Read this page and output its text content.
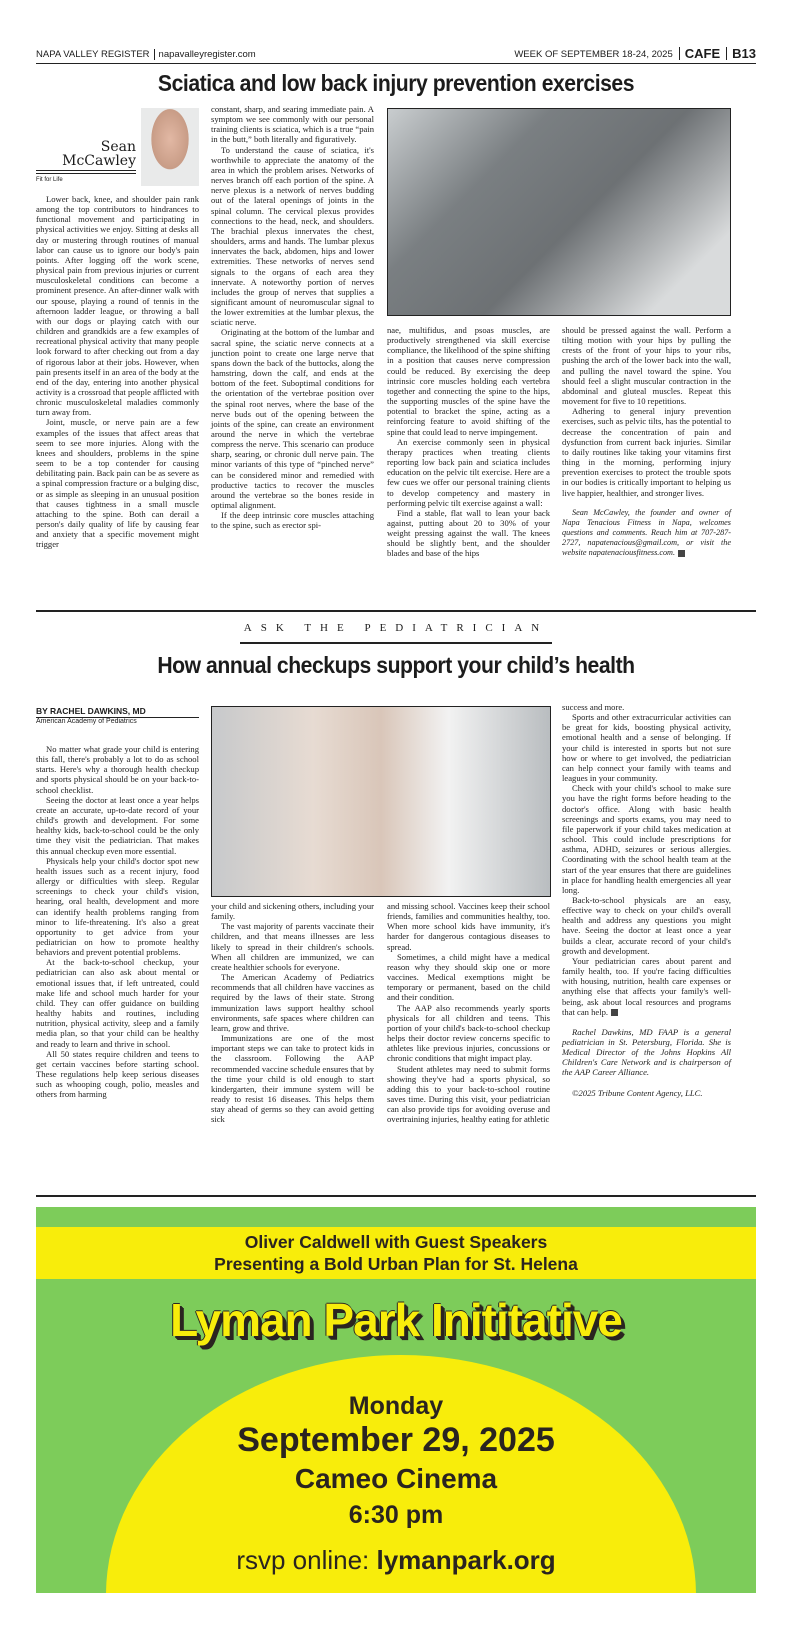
NAPA VALLEY REGISTER napavalleyregister.com	WEEK OF SEPTEMBER 18-24, 2025 CAFE B13
Sciatica and low back injury prevention exercises
Sean
McCawley
Fit for Life

Lower back, knee, and shoulder pain rank among the top contributors to hindrances to functional movement and participating in physical activities we enjoy. Sitting at desks all day or mustering through routines of manual labor can cause us to ignore our body's pain points. After logging off the work scene, physical pain from previous injuries or current musculoskeletal conditions can become a prominent presence. An after-dinner walk with our spouse, playing a round of tennis in the afternoon ladder league, or throwing a ball with our dogs or playing catch with our children and grandkids are a few examples of recreational physical activity that many people look forward to after checking out from a day of rigorous labor at their jobs. However, when pain presents itself in an area of the body at the end of the day, entering into another physical activity is a crossroad that people afflicted with chronic musculoskeletal maladies commonly turn away from.

Joint, muscle, or nerve pain are a few examples of the issues that affect areas that seem to see more injuries. Along with the knees and shoulders, problems in the spine seem to be a top contender for causing debilitating pain. Back pain can be as severe as a spinal compression fracture or a bulging disc, or as simple as sleeping in an unusual position that causes tightness in a small muscle attaching to the spine. Both can derail a person's daily quality of life by causing fear and anxiety that a specific movement might trigger

constant, sharp, and searing immediate pain. A symptom we see commonly with our personal training clients is sciatica, which is a true “pain in the butt,” both literally and figuratively.

To understand the cause of sciatica, it's worthwhile to appreciate the anatomy of the area in which the problem arises. Networks of nerves branch off each portion of the spine. A nerve plexus is a network of nerves budding out of the lateral openings of joints in the spinal column. The cervical plexus provides connections to the head, neck, and shoulders. The brachial plexus innervates the chest, shoulders, arms and hands. The lumbar plexus innervates the back, abdomen, hips and lower extremities. These networks of nerves send signals to the organs of each area they innervate. A noteworthy portion of nerves includes the group of nerves that supplies a significant amount of neuromuscular signal to the lower extremities at the lumbar plexus, the sciatic nerve.

Originating at the bottom of the lumbar and sacral spine, the sciatic nerve connects at a junction point to create one large nerve that spans down the back of the buttocks, along the hamstring, down the calf, and ends at the bottom of the feet. Suboptimal conditions for the orientation of the vertebrae position over the spinal root nerves, where the base of the nerve buds out of the opening between the joints of the spine, can create an environment around the nerve in which the vertebrae compress the nerve. This scenario can produce sharp, searing, or chronic dull nerve pain. The minor variants of this type of “pinched nerve” can be considered minor and remedied with productive tactics to recover the muscles around the vertebrae so the bones reside in optimal alignment.

If the deep intrinsic core muscles attaching to the spine, such as erector spi-

nae, multifidus, and psoas muscles, are productively strengthened via skill exercise compliance, the likelihood of the spine shifting in a position that causes nerve compression could be reduced. By exercising the deep intrinsic core muscles holding each vertebra together and connecting the spine to the hips, the supporting muscles of the spine have the potential to bracket the spine, acting as a reinforcing feature to avoid shifting of the spine that could lead to nerve impingement.

An exercise commonly seen in physical therapy practices when treating clients reporting low back pain and sciatica includes education on the pelvic tilt exercise. Here are a few cues we offer our personal training clients to develop competency and mastery in performing pelvic tilt exercise against a wall:

Find a stable, flat wall to lean your back against, putting about 20 to 30% of your weight pressing against the wall. The knees should be slightly bent, and the shoulder blades and base of the hips

should be pressed against the wall. Perform a tilting motion with your hips by pulling the crests of the front of your hips to your ribs, pushing the arch of the lower back into the wall, and pulling the navel toward the spine. You should feel a slight muscular contraction in the abdominal and gluteal muscles. Repeat this movement for five to 10 repetitions.

Adhering to general injury prevention exercises, such as pelvic tilts, has the potential to decrease the concentration of pain and dysfunction from current back injuries. Similar to daily routines like taking your vitamins first thing in the morning, performing injury prevention exercises to protect the trouble spots in our bodies is critically important to helping us live happier, healthier, and stronger lives.

Sean McCawley, the founder and owner of Napa Tenacious Fitness in Napa, welcomes questions and comments. Reach him at 707-287-2727, napatenacious@gmail.com, or visit the website napatenaciousfitness.com.

ASK THE PEDIATRICIAN
How annual checkups support your child’s health
BY RACHEL DAWKINS, MD
American Academy of Pediatrics

No matter what grade your child is entering this fall, there's probably a lot to do as school starts. Here's why a thorough health checkup and sports physical should be on your back-to-school checklist.

Seeing the doctor at least once a year helps create an accurate, up-to-date record of your child's growth and development. For some healthy kids, back-to-school could be the only time they visit the pediatrician. That makes this annual checkup even more essential.

Physicals help your child's doctor spot new health issues such as a recent injury, food allergy or difficulties with sleep. Regular screenings to check your child's vision, hearing, oral health, development and more can identify health problems ranging from minor to life-threatening. It's also a great opportunity to get advice from your pediatrician on how to promote healthy behaviors and prevent potential problems.

At the back-to-school checkup, your pediatrician can also ask about mental or emotional issues that, if left untreated, could make life and school much harder for your child. They can offer guidance on building healthy habits and routines, including nutrition, physical activity, sleep and a family media plan, so that your child can be healthy and ready to learn and thrive in school.

All 50 states require children and teens to get certain vaccines before starting school. These regulations help keep serious diseases such as whooping cough, polio, measles and others from harming

your child and sickening others, including your family.

The vast majority of parents vaccinate their children, and that means illnesses are less likely to spread in their children's schools. When all children are immunized, we can create healthier schools for everyone.

The American Academy of Pediatrics recommends that all children have vaccines as required by the laws of their state. Strong immunization laws support healthy school environments, safe spaces where children can learn, grow and thrive.

Immunizations are one of the most important steps we can take to protect kids in the classroom. Following the AAP recommended vaccine schedule ensures that by the time your child is old enough to start kindergarten, their immune system will be ready to resist 16 diseases. This helps them stay ahead of germs so they can avoid getting sick

and missing school. Vaccines keep their school friends, families and communities healthy, too. When more school kids have immunity, it's harder for dangerous contagious diseases to spread.

Sometimes, a child might have a medical reason why they should skip one or more vaccines. Medical exemptions might be temporary or permanent, based on the child and their condition.

The AAP also recommends yearly sports physicals for all children and teens. This portion of your child's back-to-school checkup helps their doctor review concerns specific to athletes like previous injuries, concussions or chronic conditions that might impact play.

Student athletes may need to submit forms showing they've had a sports physical, so adding this to your back-to-school routine saves time. During this visit, your pediatrician can also provide tips for avoiding overuse and overtraining injuries, healthy eating for athletic

success and more.

Sports and other extracurricular activities can be great for kids, boosting physical activity, emotional health and a sense of belonging. If your child is interested in sports but not sure how or where to get involved, the pediatrician can help connect your family with teams and leagues in your community.

Check with your child's school to make sure you have the right forms before heading to the doctor's office. Along with basic health screenings and sports exams, you may need to file paperwork if your child takes medication at school. This could include prescriptions for asthma, ADHD, seizures or serious allergies. Coordinating with the school health team at the start of the year ensures that there are guidelines in place for handling health emergencies all year long.

Back-to-school physicals are an easy, effective way to check on your child's overall health and address any questions you might have. Seeing the doctor at least once a year builds a clear, accurate record of your child's growth and development.

Your pediatrician cares about parent and family health, too. If you're facing difficulties with housing, nutrition, health care expenses or anything else that affects your family's well-being, ask about local resources and programs that can help.

Rachel Dawkins, MD FAAP is a general pediatrician in St. Petersburg, Florida. She is Medical Director of the Johns Hopkins All Children's Care Network and is chairperson of the AAP Career Alliance.

©2025 Tribune Content Agency, LLC.

Oliver Caldwell with Guest Speakers
Presenting a Bold Urban Plan for St. Helena
Lyman Park Inititative
Monday
September 29, 2025
Cameo Cinema
6:30 pm
rsvp online: lymanpark.org
